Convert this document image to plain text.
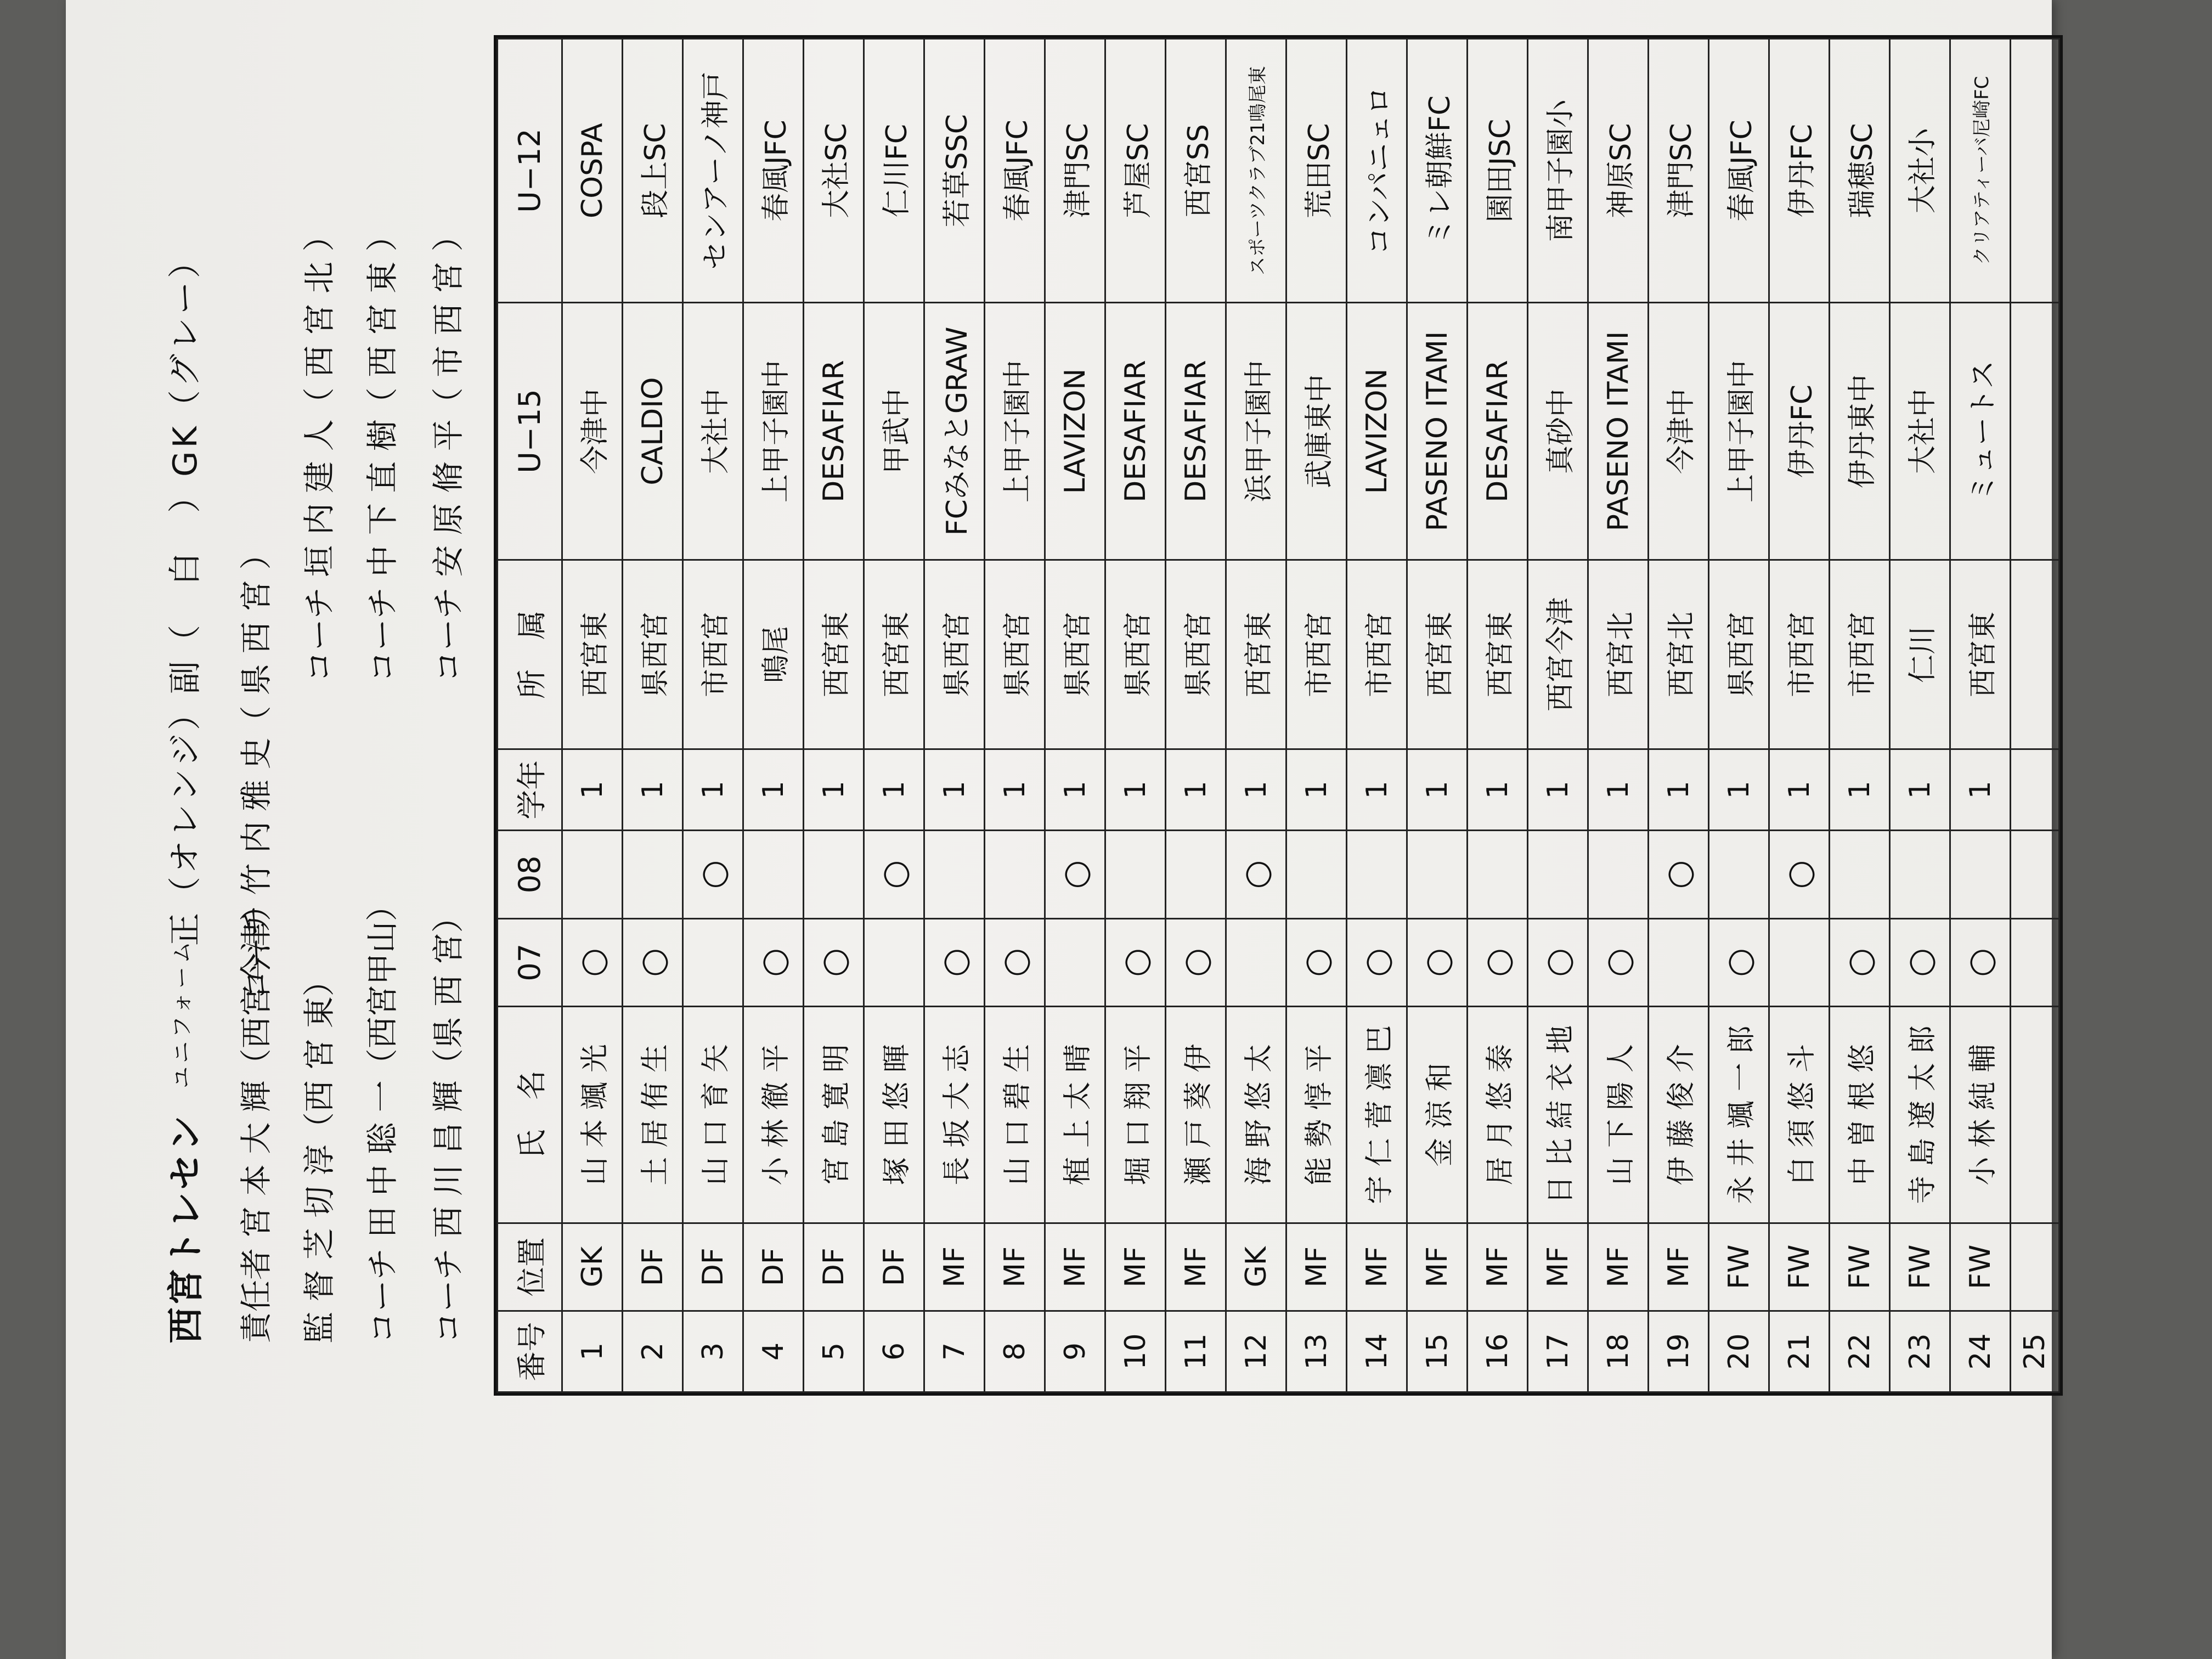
西宮トレセン
ユニフォーム
正（オレンジ）副（　白　）GK（グレー）
責任者 宮 本 大 輝（西宮今津） 監 督 芝 切 淳（西 宮 東） コーチ 田 中 聡 一（西宮甲山） コーチ 西 川 昌 輝（県 西 宮）
コーチ 竹 内 雅 史（ 県 西 宮 ）
コーチ 垣 内 建 人（ 西 宮 北 ） コーチ 中 下 直 樹（ 西 宮 東 ） コーチ 安 原 脩 平（ 市 西 宮 ）
番号	位置	氏　名	07	08	学年	所　属	U−15	U−12
1	GK	山 本 颯 光	○		1	西宮東	今津中	COSPA
2	DF	土 居 侑 生	○		1	県西宮	CALDIO	段上SC
3	DF	山 口 育 矢		○	1	市西宮	大社中	センアーノ神戸
4	DF	小 林 徹 平	○		1	鳴尾	上甲子園中	春風JFC
5	DF	宮 島 寛 明	○		1	西宮東	DESAFIAR	大社SC
6	DF	塚 田 悠 暉		○	1	西宮東	甲武中	仁川FC
7	MF	長 坂 大 志	○		1	県西宮	FCみなとGRAW	若草SSC
8	MF	山 口 碧 生	○		1	県西宮	上甲子園中	春風JFC
9	MF	植 上 太 晴		○	1	県西宮	LAVIZON	津門SC
10	MF	堀 口 翔 平	○		1	県西宮	DESAFIAR	芦屋SC
11	MF	瀬 戸 葵 伊	○		1	県西宮	DESAFIAR	西宮SS
12	GK	海 野 悠 太		○	1	西宮東	浜甲子園中	スポーツクラブ21鳴尾東
13	MF	能 勢 惇 平	○		1	市西宮	武庫東中	荒田SC
14	MF	宇 仁 菅 凛 巴	○		1	市西宮	LAVIZON	コンパニェロ
15	MF	金 涼 和	○		1	西宮東	PASENO ITAMI	ミレ朝鮮FC
16	MF	居 月 悠 泰	○		1	西宮東	DESAFIAR	園田JSC
17	MF	日 比 結 衣 地	○		1	西宮今津	真砂中	南甲子園小
18	MF	山 下 陽 人	○		1	西宮北	PASENO ITAMI	神原SC
19	MF	伊 藤 俊 介		○	1	西宮北	今津中	津門SC
20	FW	永 井 颯 一 郎	○		1	県西宮	上甲子園中	春風JFC
21	FW	白 須 悠 斗		○	1	市西宮	伊丹FC	伊丹FC
22	FW	中 曽 根 悠	○		1	市西宮	伊丹東中	瑞穂SC
23	FW	寺 島 遼 太 郎	○		1	仁川	大社中	大社小
24	FW	小 林 純 輔	○		1	西宮東	ミュートス	クリアティーバ尼崎FC
25								
